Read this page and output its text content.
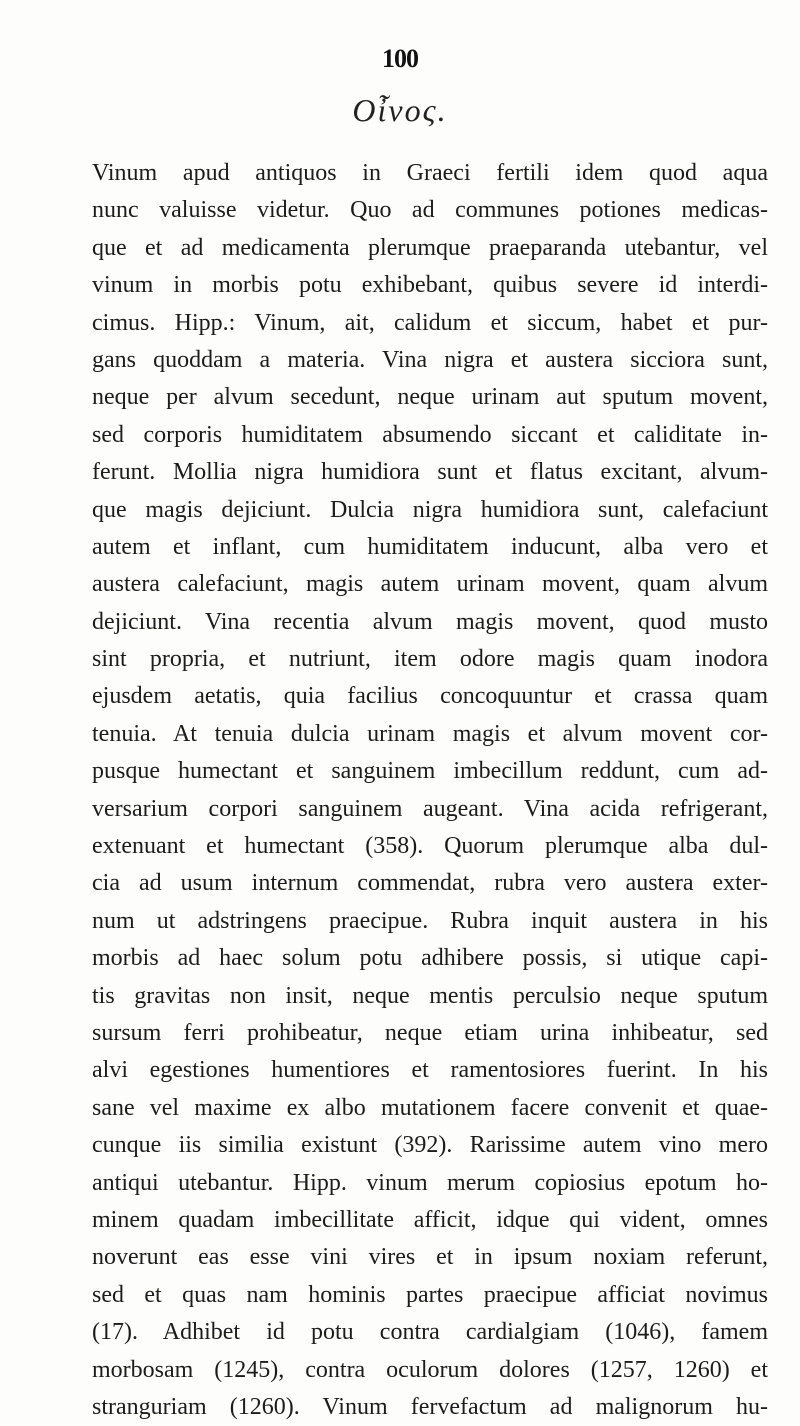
100
Οἶνος.
Vinum apud antiquos in Graeci fertili idem quod aqua
nunc valuisse videtur. Quo ad communes potiones medicas-
que et ad medicamenta plerumque praeparanda utebantur, vel
vinum in morbis potu exhibebant, quibus severe id interdi-
cimus. Hipp.: Vinum, ait, calidum et siccum, habet et pur-
gans quoddam a materia. Vina nigra et austera sicciora sunt,
neque per alvum secedunt, neque urinam aut sputum movent,
sed corporis humiditatem absumendo siccant et caliditate in-
ferunt. Mollia nigra humidiora sunt et flatus excitant, alvum-
que magis dejiciunt. Dulcia nigra humidiora sunt, calefaciunt
autem et inflant, cum humiditatem inducunt, alba vero et
austera calefaciunt, magis autem urinam movent, quam alvum
dejiciunt. Vina recentia alvum magis movent, quod musto
sint propria, et nutriunt, item odore magis quam inodora
ejusdem aetatis, quia facilius concoquuntur et crassa quam
tenuia. At tenuia dulcia urinam magis et alvum movent cor-
pusque humectant et sanguinem imbecillum reddunt, cum ad-
versarium corpori sanguinem augeant. Vina acida refrigerant,
extenuant et humectant (358). Quorum plerumque alba dul-
cia ad usum internum commendat, rubra vero austera exter-
num ut adstringens praecipue. Rubra inquit austera in his
morbis ad haec solum potu adhibere possis, si utique capi-
tis gravitas non insit, neque mentis perculsio neque sputum
sursum ferri prohibeatur, neque etiam urina inhibeatur, sed
alvi egestiones humentiores et ramentosiores fuerint. In his
sane vel maxime ex albo mutationem facere convenit et quae-
cunque iis similia existunt (392). Rarissime autem vino mero
antiqui utebantur. Hipp. vinum merum copiosius epotum ho-
minem quadam imbecillitate afficit, idque qui vident, omnes
noverunt eas esse vini vires et in ipsum noxiam referunt,
sed et quas nam hominis partes praecipue afficiat novimus
(17). Adhibet id potu contra cardialgiam (1046), famem
morbosam (1245), contra oculorum dolores (1257, 1260) et
stranguriam (1260). Vinum fervefactum ad malignorum hu-
